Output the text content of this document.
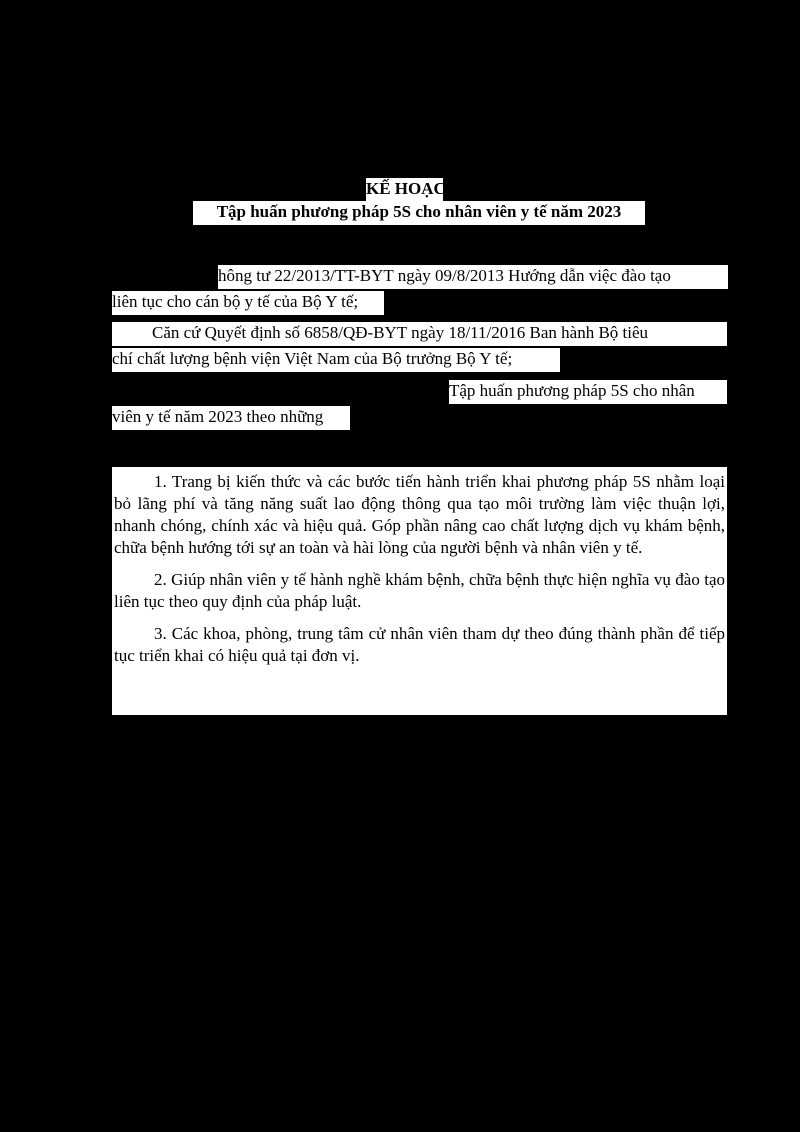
KẾ HOẠCH
Tập huấn phương pháp 5S cho nhân viên y tế năm 2023
hông tư 22/2013/TT-BYT ngày 09/8/2013 Hướng dẫn việc đào tạo
liên tục cho cán bộ y tế của Bộ Y tế;
Căn cứ Quyết định số 6858/QĐ-BYT ngày 18/11/2016 Ban hành Bộ tiêu
chí chất lượng bệnh viện Việt Nam của Bộ trưởng Bộ Y tế;
Tập huấn phương pháp 5S cho nhân
viên y tế năm 2023 theo những

1. Trang bị kiến thức và các bước tiến hành triển khai phương pháp 5S nhằm loại bỏ lãng phí và tăng năng suất lao động thông qua tạo môi trường làm việc thuận lợi, nhanh chóng, chính xác và hiệu quả. Góp phần nâng cao chất lượng dịch vụ khám bệnh, chữa bệnh hướng tới sự an toàn và hài lòng của người bệnh và nhân viên y tế.

2. Giúp nhân viên y tế hành nghề khám bệnh, chữa bệnh thực hiện nghĩa vụ đào tạo liên tục theo quy định của pháp luật.

3. Các khoa, phòng, trung tâm cử nhân viên tham dự theo đúng thành phần để tiếp tục triển khai có hiệu quả tại đơn vị.
